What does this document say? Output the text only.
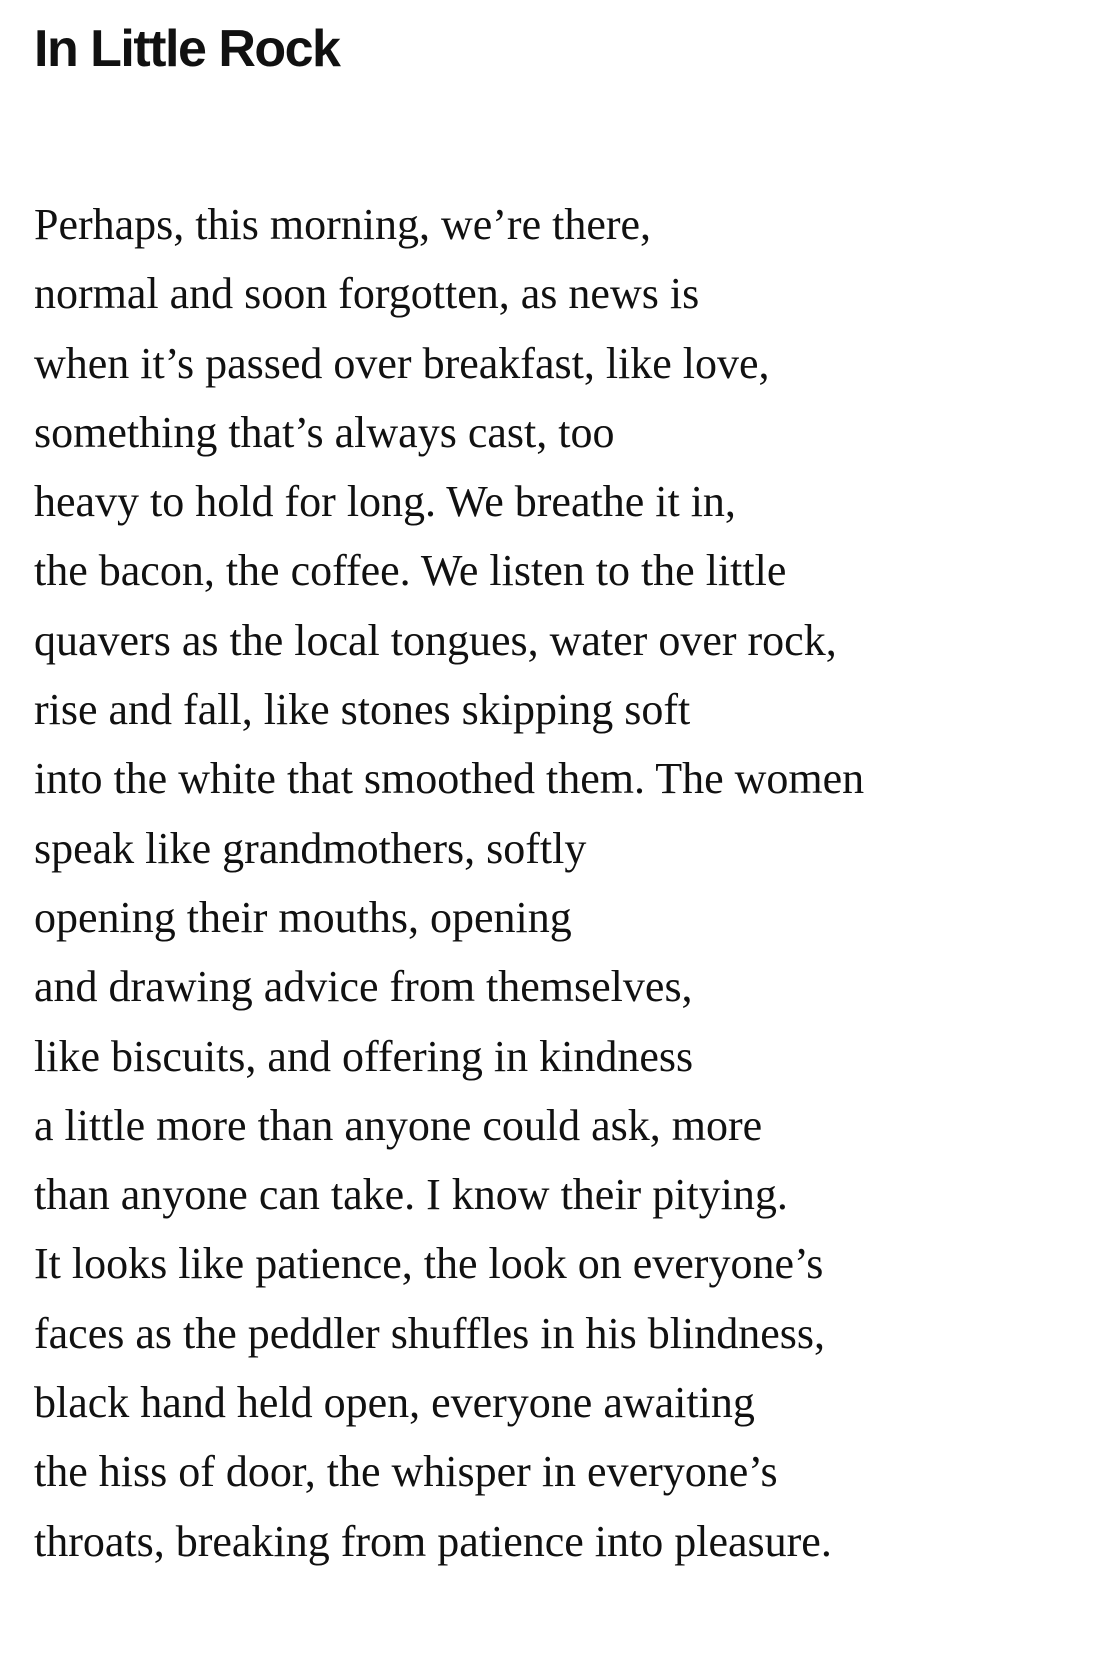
In Little Rock
Perhaps, this morning, we’re there,
normal and soon forgotten, as news is
when it’s passed over breakfast, like love,
something that’s always cast, too
heavy to hold for long. We breathe it in,
the bacon, the coffee. We listen to the little
quavers as the local tongues, water over rock,
rise and fall, like stones skipping soft
into the white that smoothed them. The women
speak like grandmothers, softly
opening their mouths, opening
and drawing advice from themselves,
like biscuits, and offering in kindness
a little more than anyone could ask, more
than anyone can take. I know their pitying.
It looks like patience, the look on everyone’s
faces as the peddler shuffles in his blindness,
black hand held open, everyone awaiting
the hiss of door, the whisper in everyone’s
throats, breaking from patience into pleasure.
